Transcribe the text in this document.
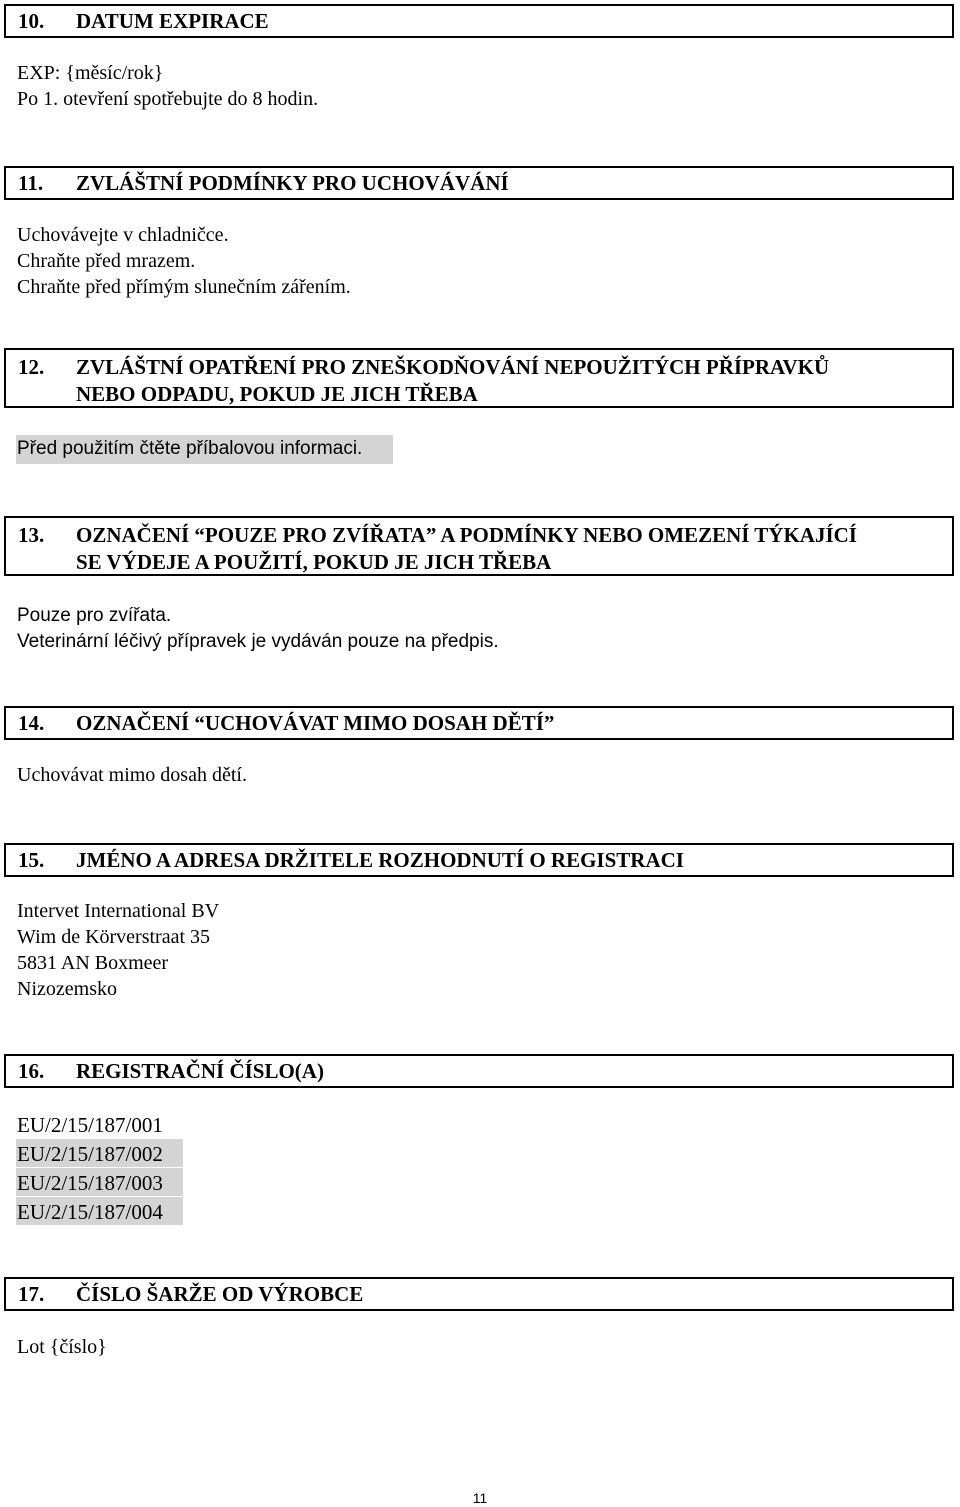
10. DATUM EXPIRACE
EXP: {měsíc/rok}
Po 1. otevření spotřebujte do 8 hodin.
11. ZVLÁŠTNÍ PODMÍNKY PRO UCHOVÁVÁNÍ
Uchovávejte v chladničce.
Chraňte před mrazem.
Chraňte před přímým slunečním zářením.
12. ZVLÁŠTNÍ OPATŘENÍ PRO ZNEŠKODŇOVÁNÍ NEPOUŽITÝCH PŘÍPRAVKŮ
NEBO ODPADU, POKUD JE JICH TŘEBA
Před použitím čtěte příbalovou informaci.
13. OZNAČENÍ “POUZE PRO ZVÍŘATA” A PODMÍNKY NEBO OMEZENÍ TÝKAJÍCÍ
SE VÝDEJE A POUŽITÍ, POKUD JE JICH TŘEBA
Pouze pro zvířata.
Veterinární léčivý přípravek je vydáván pouze na předpis.
14. OZNAČENÍ “UCHOVÁVAT MIMO DOSAH DĚTÍ”
Uchovávat mimo dosah dětí.
15. JMÉNO A ADRESA DRŽITELE ROZHODNUTÍ O REGISTRACI
Intervet International BV
Wim de Körverstraat 35
5831 AN Boxmeer
Nizozemsko
16. REGISTRAČNÍ ČÍSLO(A)
EU/2/15/187/001
EU/2/15/187/002
EU/2/15/187/003
EU/2/15/187/004
17. ČÍSLO ŠARŽE OD VÝROBCE
Lot {číslo}
11
